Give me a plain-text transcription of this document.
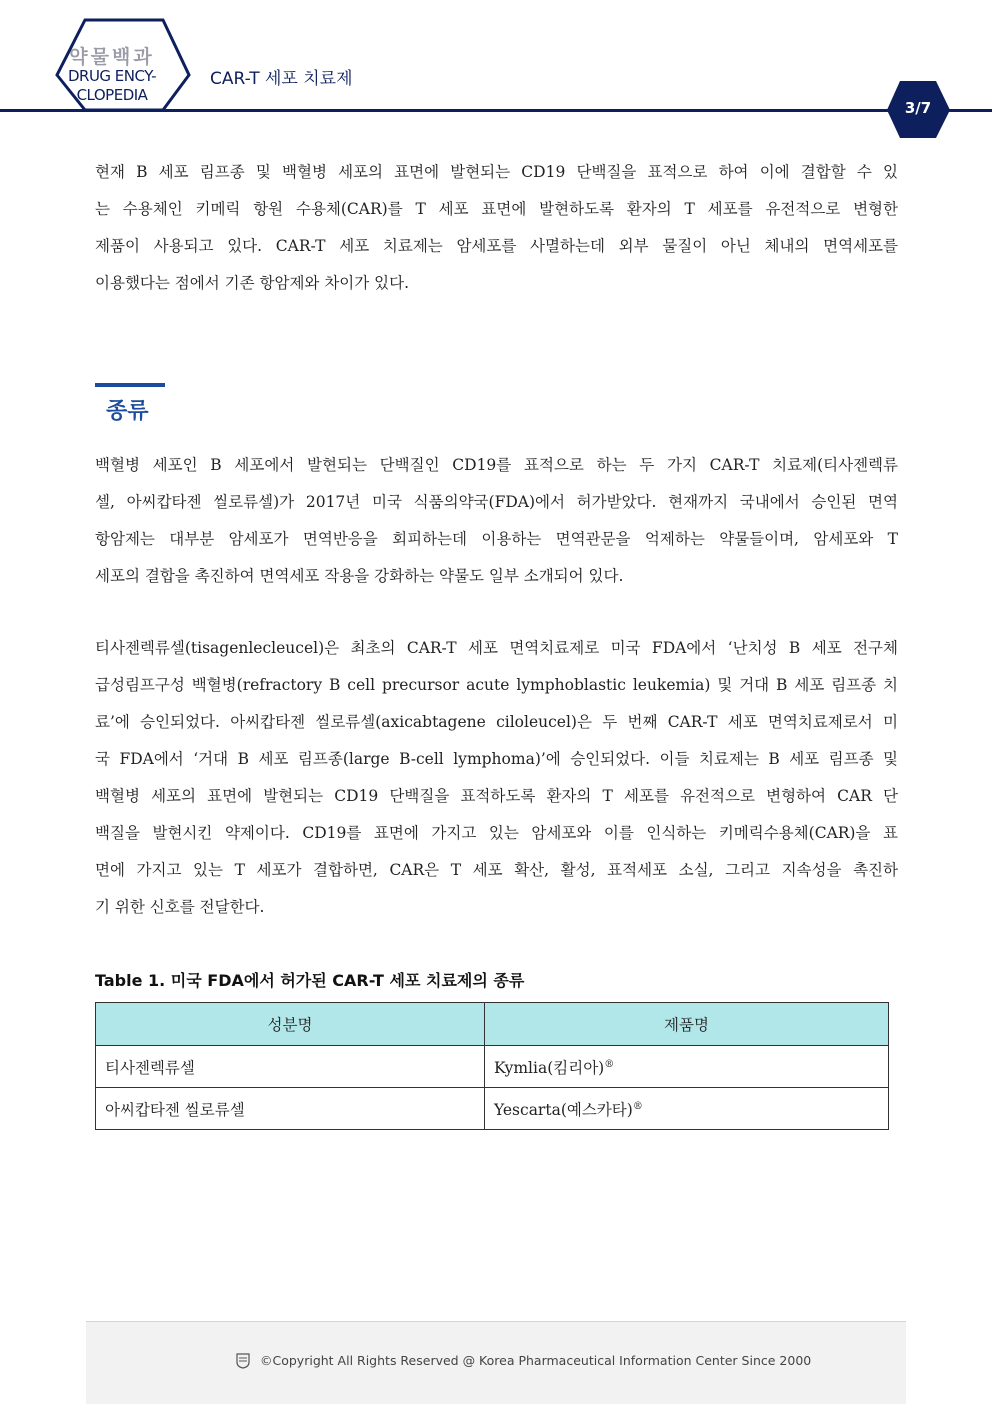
약물백과
DRUG ENCY-
CLOPEDIA
CAR-T 세포 치료제
3/7

현재 B 세포 림프종 및 백혈병 세포의 표면에 발현되는 CD19 단백질을 표적으로 하여 이에 결합할 수 있
는 수용체인 키메릭 항원 수용체(CAR)를 T 세포 표면에 발현하도록 환자의 T 세포를 유전적으로 변형한
제품이 사용되고 있다. CAR-T 세포 치료제는 암세포를 사멸하는데 외부 물질이 아닌 체내의 면역세포를
이용했다는 점에서 기존 항암제와 차이가 있다.

종류

백혈병 세포인 B 세포에서 발현되는 단백질인 CD19를 표적으로 하는 두 가지 CAR-T 치료제(티사젠렉류
셀, 아씨캅타젠 씰로류셀)가 2017년 미국 식품의약국(FDA)에서 허가받았다. 현재까지 국내에서 승인된 면역
항암제는 대부분 암세포가 면역반응을 회피하는데 이용하는 면역관문을 억제하는 약물들이며, 암세포와 T
세포의 결합을 촉진하여 면역세포 작용을 강화하는 약물도 일부 소개되어 있다.

티사젠렉류셀(tisagenlecleucel)은 최초의 CAR-T 세포 면역치료제로 미국 FDA에서 ‘난치성 B 세포 전구체
급성림프구성 백혈병(refractory B cell precursor acute lymphoblastic leukemia) 및 거대 B 세포 림프종 치
료’에 승인되었다. 아씨캅타젠 씰로류셀(axicabtagene ciloleucel)은 두 번째 CAR-T 세포 면역치료제로서 미
국 FDA에서 ‘거대 B 세포 림프종(large B-cell lymphoma)’에 승인되었다. 이들 치료제는 B 세포 림프종 및
백혈병 세포의 표면에 발현되는 CD19 단백질을 표적하도록 환자의 T 세포를 유전적으로 변형하여 CAR 단
백질을 발현시킨 약제이다. CD19를 표면에 가지고 있는 암세포와 이를 인식하는 키메릭수용체(CAR)을 표
면에 가지고 있는 T 세포가 결합하면, CAR은 T 세포 확산, 활성, 표적세포 소실, 그리고 지속성을 촉진하
기 위한 신호를 전달한다.

Table 1. 미국 FDA에서 허가된 CAR-T 세포 치료제의 종류
성분명	제품명
티사젠렉류셀	Kymlia(킴리아)®
아씨캅타젠 씰로류셀	Yescarta(예스카타)®
©Copyright All Rights Reserved @ Korea Pharmaceutical Information Center Since 2000
